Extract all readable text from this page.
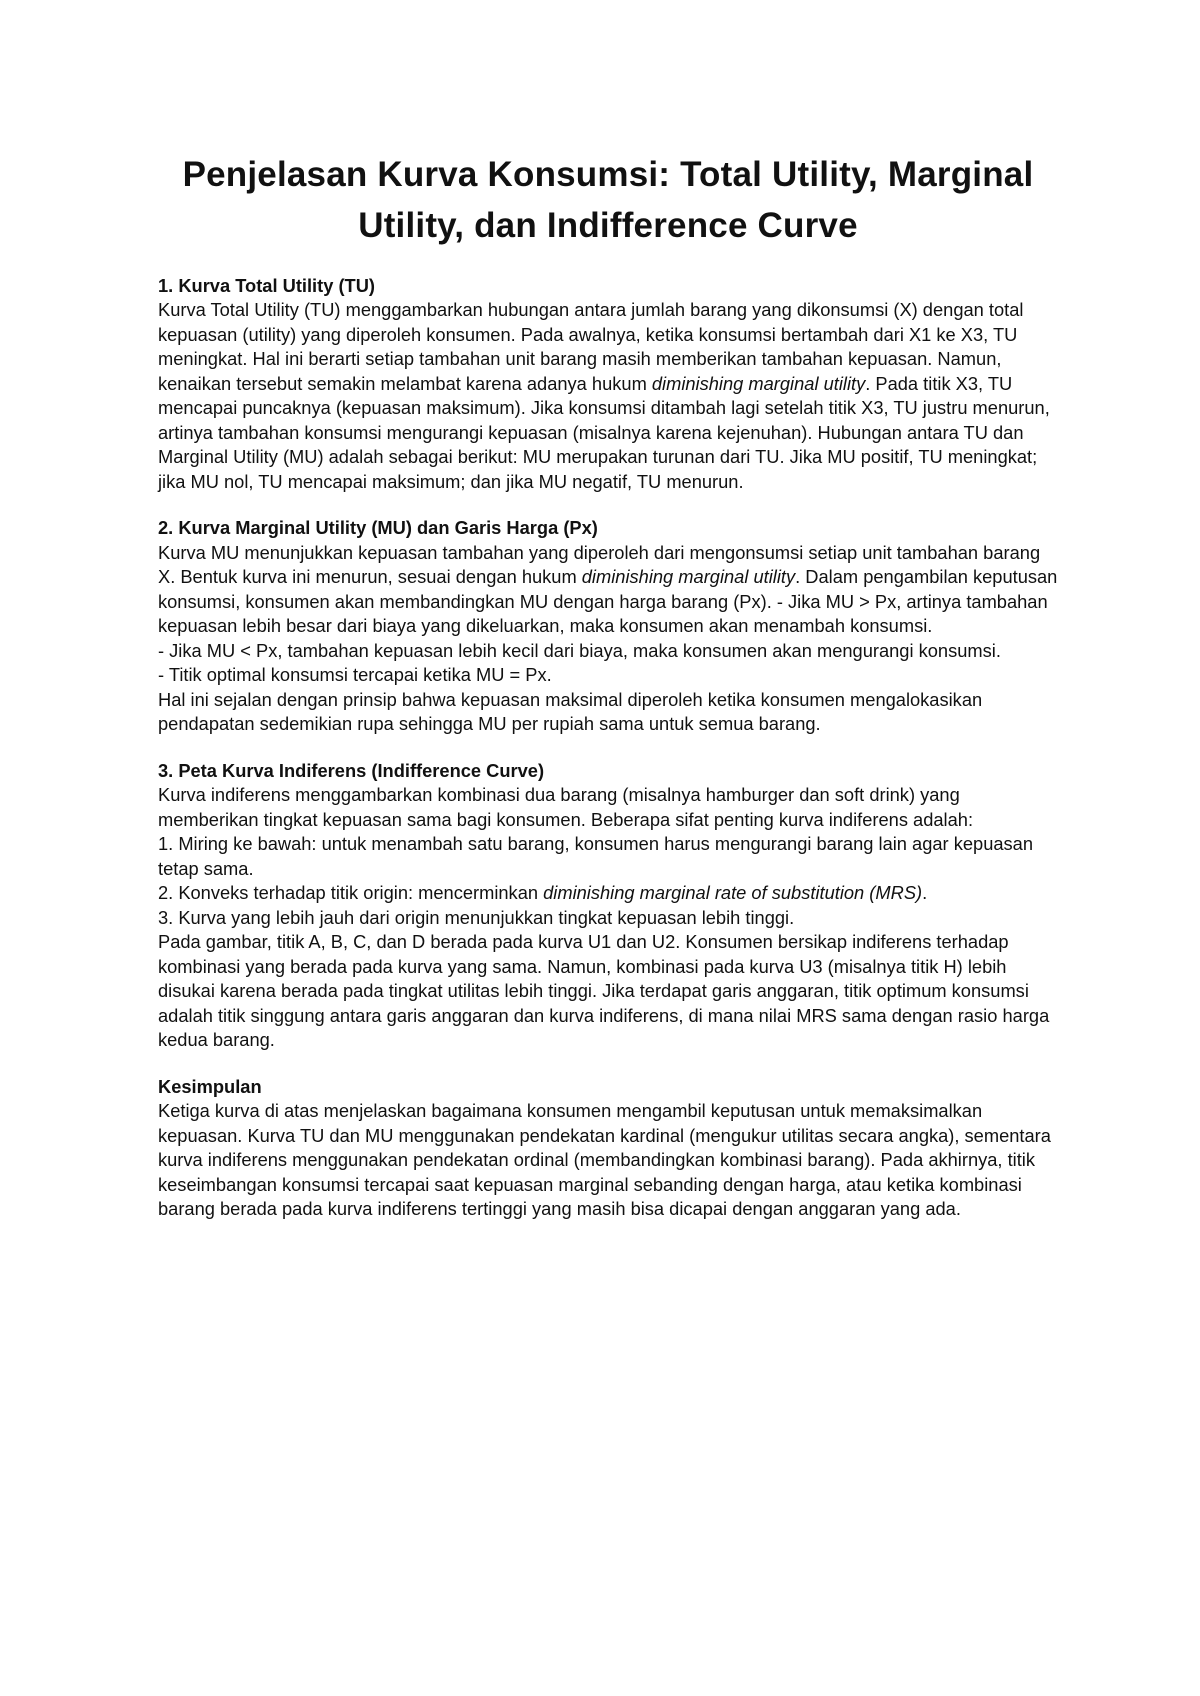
Penjelasan Kurva Konsumsi: Total Utility, Marginal Utility, dan Indifference Curve

1. Kurva Total Utility (TU)

Kurva Total Utility (TU) menggambarkan hubungan antara jumlah barang yang dikonsumsi (X) dengan total kepuasan (utility) yang diperoleh konsumen. Pada awalnya, ketika konsumsi bertambah dari X1 ke X3, TU meningkat. Hal ini berarti setiap tambahan unit barang masih memberikan tambahan kepuasan. Namun, kenaikan tersebut semakin melambat karena adanya hukum diminishing marginal utility. Pada titik X3, TU mencapai puncaknya (kepuasan maksimum). Jika konsumsi ditambah lagi setelah titik X3, TU justru menurun, artinya tambahan konsumsi mengurangi kepuasan (misalnya karena kejenuhan). Hubungan antara TU dan Marginal Utility (MU) adalah sebagai berikut: MU merupakan turunan dari TU. Jika MU positif, TU meningkat; jika MU nol, TU mencapai maksimum; dan jika MU negatif, TU menurun.

2. Kurva Marginal Utility (MU) dan Garis Harga (Px)

Kurva MU menunjukkan kepuasan tambahan yang diperoleh dari mengonsumsi setiap unit tambahan barang X. Bentuk kurva ini menurun, sesuai dengan hukum diminishing marginal utility. Dalam pengambilan keputusan konsumsi, konsumen akan membandingkan MU dengan harga barang (Px). - Jika MU > Px, artinya tambahan kepuasan lebih besar dari biaya yang dikeluarkan, maka konsumen akan menambah konsumsi.
- Jika MU < Px, tambahan kepuasan lebih kecil dari biaya, maka konsumen akan mengurangi konsumsi.
- Titik optimal konsumsi tercapai ketika MU = Px.
Hal ini sejalan dengan prinsip bahwa kepuasan maksimal diperoleh ketika konsumen mengalokasikan pendapatan sedemikian rupa sehingga MU per rupiah sama untuk semua barang.

3. Peta Kurva Indiferens (Indifference Curve)

Kurva indiferens menggambarkan kombinasi dua barang (misalnya hamburger dan soft drink) yang memberikan tingkat kepuasan sama bagi konsumen. Beberapa sifat penting kurva indiferens adalah:
1. Miring ke bawah: untuk menambah satu barang, konsumen harus mengurangi barang lain agar kepuasan tetap sama.
2. Konveks terhadap titik origin: mencerminkan diminishing marginal rate of substitution (MRS).
3. Kurva yang lebih jauh dari origin menunjukkan tingkat kepuasan lebih tinggi.
Pada gambar, titik A, B, C, dan D berada pada kurva U1 dan U2. Konsumen bersikap indiferens terhadap kombinasi yang berada pada kurva yang sama. Namun, kombinasi pada kurva U3 (misalnya titik H) lebih disukai karena berada pada tingkat utilitas lebih tinggi. Jika terdapat garis anggaran, titik optimum konsumsi adalah titik singgung antara garis anggaran dan kurva indiferens, di mana nilai MRS sama dengan rasio harga kedua barang.

Kesimpulan

Ketiga kurva di atas menjelaskan bagaimana konsumen mengambil keputusan untuk memaksimalkan kepuasan. Kurva TU dan MU menggunakan pendekatan kardinal (mengukur utilitas secara angka), sementara kurva indiferens menggunakan pendekatan ordinal (membandingkan kombinasi barang). Pada akhirnya, titik keseimbangan konsumsi tercapai saat kepuasan marginal sebanding dengan harga, atau ketika kombinasi barang berada pada kurva indiferens tertinggi yang masih bisa dicapai dengan anggaran yang ada.
